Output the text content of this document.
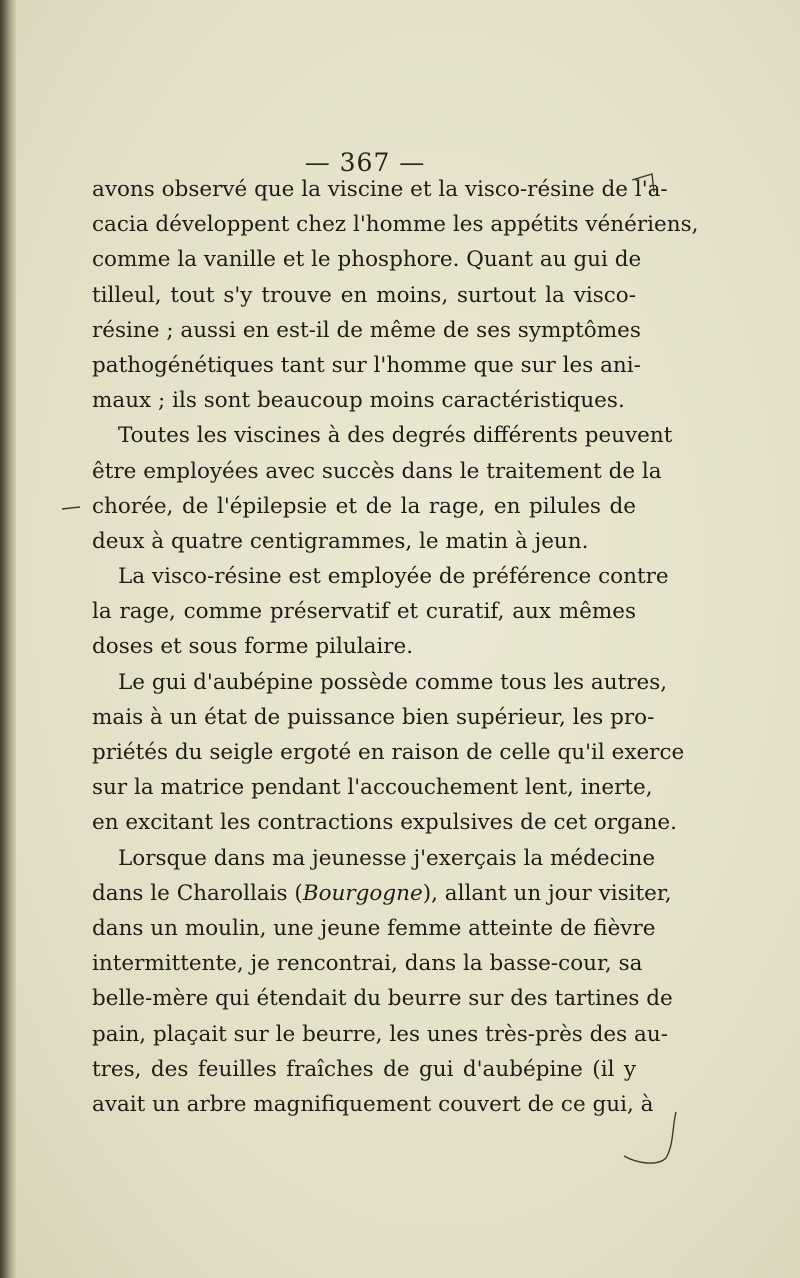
— 367 —
avons observé que la viscine et la visco-résine de l'a-
cacia développent chez l'homme les appétits vénériens,
comme la vanille et le phosphore. Quant au gui de
tilleul, tout s'y trouve en moins, surtout la visco-
résine ; aussi en est-il de même de ses symptômes
pathogénétiques tant sur l'homme que sur les ani-
maux ; ils sont beaucoup moins caractéristiques.
Toutes les viscines à des degrés différents peuvent
être employées avec succès dans le traitement de la
chorée, de l'épilepsie et de la rage, en pilules de
deux à quatre centigrammes, le matin à jeun.
La visco-résine est employée de préférence contre
la rage, comme préservatif et curatif, aux mêmes
doses et sous forme pilulaire.
Le gui d'aubépine possède comme tous les autres,
mais à un état de puissance bien supérieur, les pro-
priétés du seigle ergoté en raison de celle qu'il exerce
sur la matrice pendant l'accouchement lent, inerte,
en excitant les contractions expulsives de cet organe.
Lorsque dans ma jeunesse j'exerçais la médecine
dans le Charollais (Bourgogne), allant un jour visiter,
dans un moulin, une jeune femme atteinte de fièvre
intermittente, je rencontrai, dans la basse-cour, sa
belle-mère qui étendait du beurre sur des tartines de
pain, plaçait sur le beurre, les unes très-près des au-
tres, des feuilles fraîches de gui d'aubépine (il y
avait un arbre magnifiquement couvert de ce gui, à
